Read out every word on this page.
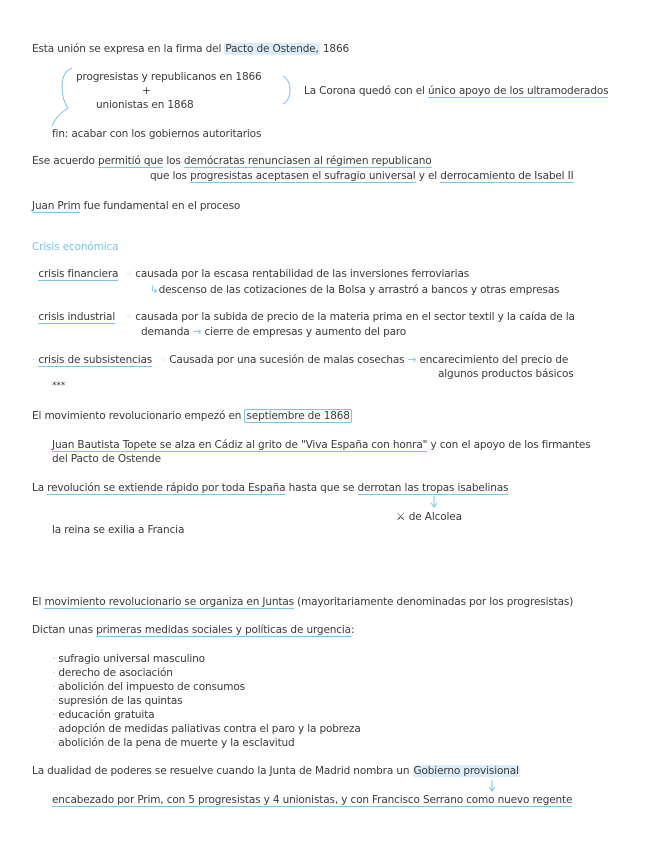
Esta unión se expresa en la firma del Pacto de Ostende, 1866
progresistas y republicanos en 1866
+
unionistas en 1868
La Corona quedó con el único apoyo de los ultramoderados
fin: acabar con los gobiernos autoritarios
Ese acuerdo permitió que los demócratas renunciasen al régimen republicano
que los progresistas aceptasen el sufragio universal y el derrocamiento de Isabel II
Juan Prim fue fundamental en el proceso
Crisis económica
· crisis financiera ◦ causada por la escasa rentabilidad de las inversiones ferroviarias
↳descenso de las cotizaciones de la Bolsa y arrastró a bancos y otras empresas
· crisis industrial ◦ causada por la subida de precio de la materia prima en el sector textil y la caída de la
demanda → cierre de empresas y aumento del paro
· crisis de subsistencias ◦ Causada por una sucesión de malas cosechas → encarecimiento del precio de
algunos productos básicos
***
El movimiento revolucionario empezó en septiembre de 1868
Juan Bautista Topete se alza en Cádiz al grito de "Viva España con honra" y con el apoyo de los firmantes
del Pacto de Ostende
La revolución se extiende rápido por toda España hasta que se derrotan las tropas isabelinas
⚔ de Alcolea
la reina se exilia a Francia
El movimiento revolucionario se organiza en Juntas (mayoritariamente denominadas por los progresistas)
Dictan unas primeras medidas sociales y políticas de urgencia:
· sufragio universal masculino
· derecho de asociación
· abolición del impuesto de consumos
· supresión de las quintas
· educación gratuita
· adopción de medidas paliativas contra el paro y la pobreza
· abolición de la pena de muerte y la esclavitud
La dualidad de poderes se resuelve cuando la Junta de Madrid nombra un Gobierno provisional
encabezado por Prim, con 5 progresistas y 4 unionistas, y con Francisco Serrano como nuevo regente
